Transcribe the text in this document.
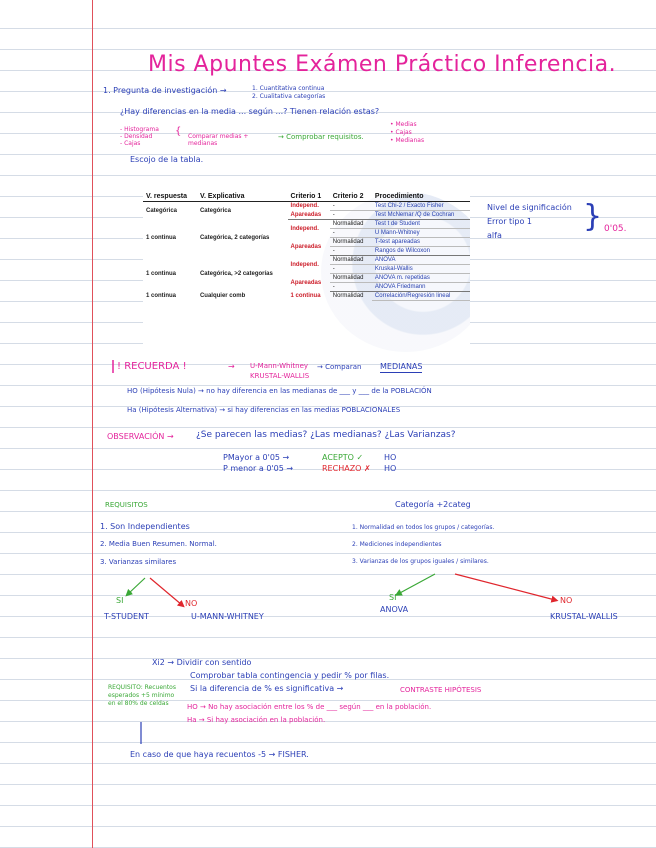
Mis Apuntes Exámen Práctico Inferencia.
1. Pregunta de investigación →	1. Cuantitativa continua
2. Cualitativa categorías
¿Hay diferencias en la media ... según ...? Tienen relación estas?
- Histograma
- Densidad
- Cajas
{ Comparar medias + medianas
→ Comprobar requisitos.
• Medias
• Cajas
• Medianas
Escojo de la tabla.
V. respuesta	V. Explicativa	Criterio 1	Criterio 2	Procedimiento
Categórica	Categórica	Independ.	-	Test Chi-2 / Exacto Fisher
		Apareadas	-	Test McNemar /Q de Cochran
1 continua	Categórica, 2 categorías	Independ.	Normalidad	Test t de Student
			-	U Mann-Whitney
		Apareadas	Normalidad	T-test apareadas
			-	Rangos de Wilcoxon
1 continua	Categórica, >2 categorías	Independ.	Normalidad	ANOVA
			-	Kruskal-Wallis
		Apareadas	Normalidad	ANOVA m. repetidas
			-	ANOVA Friedmann
1 continua	Cualquier comb	1 continua	Normalidad	Correlación/Regresión lineal
Nivel de significación
Error tipo 1
alfa
} 0'05.
! RECUERDA !	→ U-Mann-Whitney
KRUSTAL-WALLIS
→ Comparan MEDIANAS
HO (Hipótesis Nula) → no hay diferencia en las medianas de ___ y ___ de la POBLACIÓN
Ha (Hipótesis Alternativa) → si hay diferencias en las medias POBLACIONALES
OBSERVACIÓN → ¿Se parecen las medias? ¿Las medianas? ¿Las Varianzas?
PMayor a 0'05 →	ACEPTO ✓	HO
P menor a 0'05 →	RECHAZO ✗ HO
REQUISITOS
1. Son Independientes
2. Media Buen Resumen. Normal.
3. Varianzas similares
SI	NO
T-STUDENT	U-MANN-WHITNEY
Categoría +2categ
1. Normalidad en todos los grupos / categorías.
2. Mediciones independientes
3. Varianzas de los grupos iguales / similares.
SI	NO
ANOVA
KRUSTAL-WALLIS
Xi2 → Dividir con sentido
Comprobar tabla contingencia y pedir % por filas.
Si la diferencia de % es significativa →	CONTRASTE HIPÓTESIS
REQUISITO: Recuentos
esperados +5 mínimo
en el 80% de celdas	HO → No hay asociación entre los % de ___ según ___ en la población.
Ha → Si hay asociación en la población.
En caso de que haya recuentos -5 → FISHER.
